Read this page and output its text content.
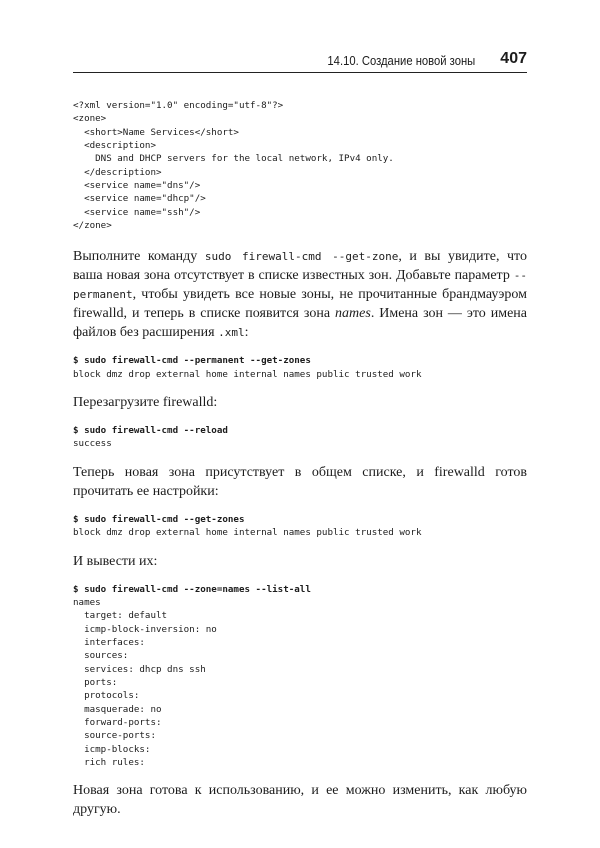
14.10. Создание новой зоны 407
<?xml version="1.0" encoding="utf-8"?>
<zone>
<short>Name Services</short>
<description>
DNS and DHCP servers for the local network, IPv4 only.
</description>
<service name="dns"/>
<service name="dhcp"/>
<service name="ssh"/>
</zone>

Выполните команду sudo firewall-cmd --get-zone, и вы увидите, что ваша новая зона отсутствует в списке известных зон. Добавьте параметр --permanent, чтобы увидеть все новые зоны, не прочитанные брандмауэром firewalld, и теперь в списке появится зона names. Имена зон — это имена файлов без расширения .xml:

$ sudo firewall-cmd --permanent --get-zones
block dmz drop external home internal names public trusted work

Перезагрузите firewalld:

$ sudo firewall-cmd --reload
success

Теперь новая зона присутствует в общем списке, и firewalld готов прочитать ее настройки:

$ sudo firewall-cmd --get-zones
block dmz drop external home internal names public trusted work

И вывести их:

$ sudo firewall-cmd --zone=names --list-all
names
target: default
icmp-block-inversion: no
interfaces:
sources:
services: dhcp dns ssh
ports:
protocols:
masquerade: no
forward-ports:
source-ports:
icmp-blocks:
rich rules:

Новая зона готова к использованию, и ее можно изменить, как любую другую.
